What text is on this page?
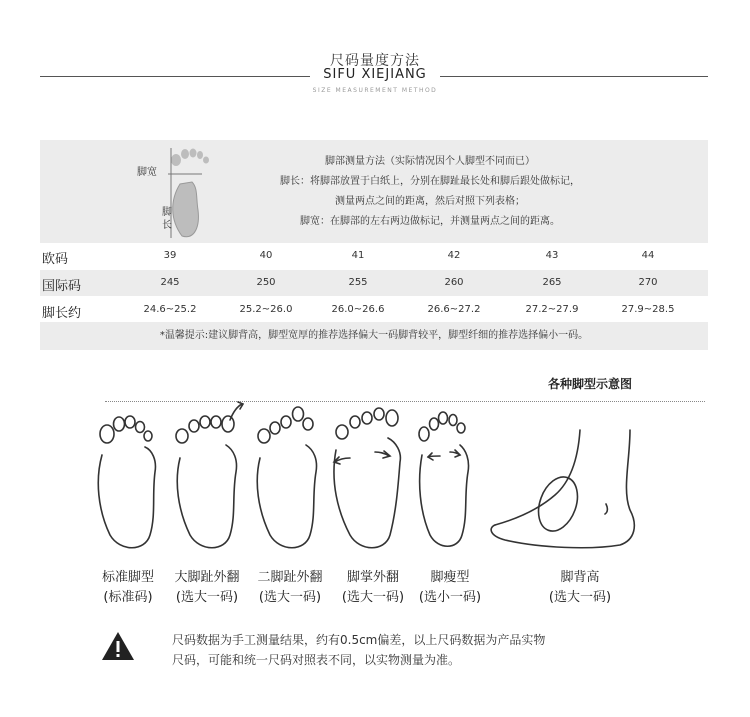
尺码量度方法
SIFU XIEJIANG
SIZE MEASUREMENT METHOD
脚宽
脚长
脚部测量方法（实际情况因个人脚型不同而已）
脚长：将脚部放置于白纸上，分别在脚趾最长处和脚后跟处做标记，
测量两点之间的距离，然后对照下列表格；
脚宽：在脚部的左右两边做标记，并测量两点之间的距离。
欧码	39	40	41	42	43	44
国际码	245	250	255	260	265	270
脚长约	24.6~25.2	25.2~26.0	26.0~26.6	26.6~27.2	27.2~27.9	27.9~28.5
*温馨提示:建议脚背高，脚型宽厚的推荐选择偏大一码脚背较平，脚型纤细的推荐选择偏小一码。
各种脚型示意图
标准脚型
(标准码)
大脚趾外翻
(选大一码)
二脚趾外翻
(选大一码)
脚掌外翻
(选大一码)
脚瘦型
(选小一码)
脚背高
(选大一码)
尺码数据为手工测量结果，约有0.5cm偏差，以上尺码数据为产品实物
尺码，可能和统一尺码对照表不同，以实物测量为准。
